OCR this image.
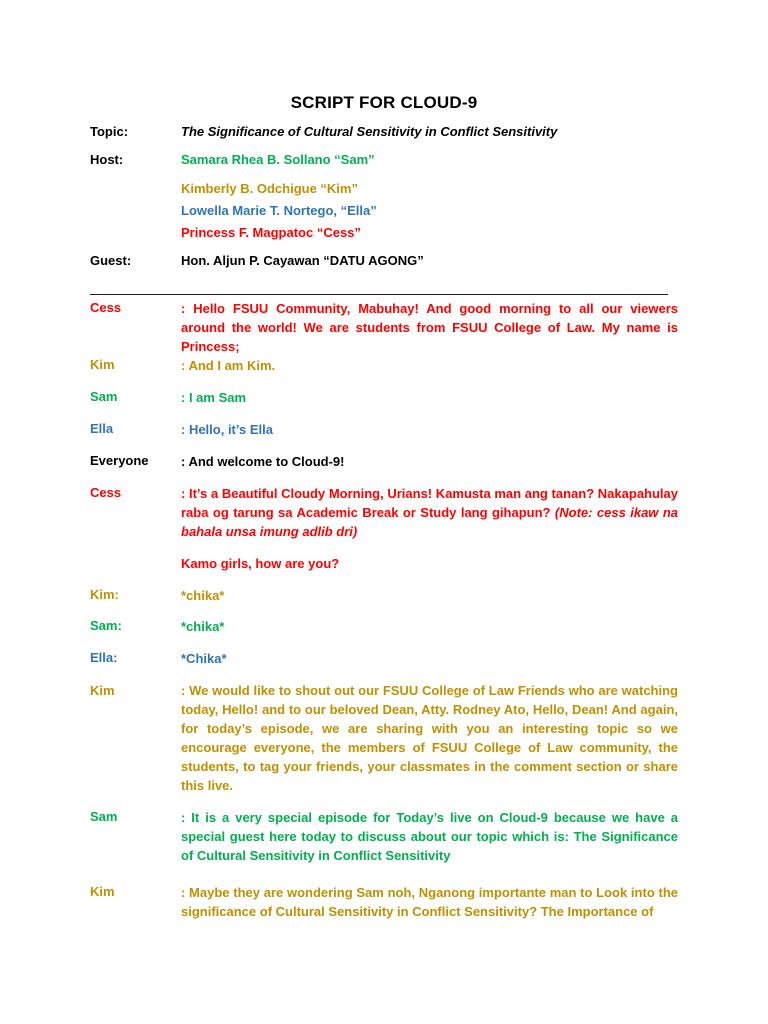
SCRIPT FOR CLOUD-9
Topic:	The Significance of Cultural Sensitivity in Conflict Sensitivity
Host:	Samara Rhea B. Sollano “Sam”
Kimberly B. Odchigue “Kim”
Lowella Marie T. Nortego, “Ella”
Princess F. Magpatoc “Cess”
Guest:	Hon. Aljun P. Cayawan “DATU AGONG”
Cess	: Hello FSUU Community, Mabuhay! And good morning to all our viewers around the world! We are students from FSUU College of Law. My name is Princess;
Kim	: And I am Kim.
Sam	: I am Sam
Ella	: Hello, it’s Ella
Everyone : And welcome to Cloud-9!
Cess	: It’s a Beautiful Cloudy Morning, Urians! Kamusta man ang tanan? Nakapahulay raba og tarung sa Academic Break or Study lang gihapun? (Note: cess ikaw na bahala unsa imung adlib dri)
Kamo girls, how are you?
Kim:	*chika*
Sam:	*chika*
Ella:	*Chika*
Kim	: We would like to shout out our FSUU College of Law Friends who are watching today, Hello! and to our beloved Dean, Atty. Rodney Ato, Hello, Dean! And again, for today’s episode, we are sharing with you an interesting topic so we encourage everyone, the members of FSUU College of Law community, the students, to tag your friends, your classmates in the comment section or share this live.
Sam	: It is a very special episode for Today’s live on Cloud-9 because we have a special guest here today to discuss about our topic which is: The Significance of Cultural Sensitivity in Conflict Sensitivity
Kim	: Maybe they are wondering Sam noh, Nganong importante man to Look into the significance of Cultural Sensitivity in Conflict Sensitivity? The Importance of
